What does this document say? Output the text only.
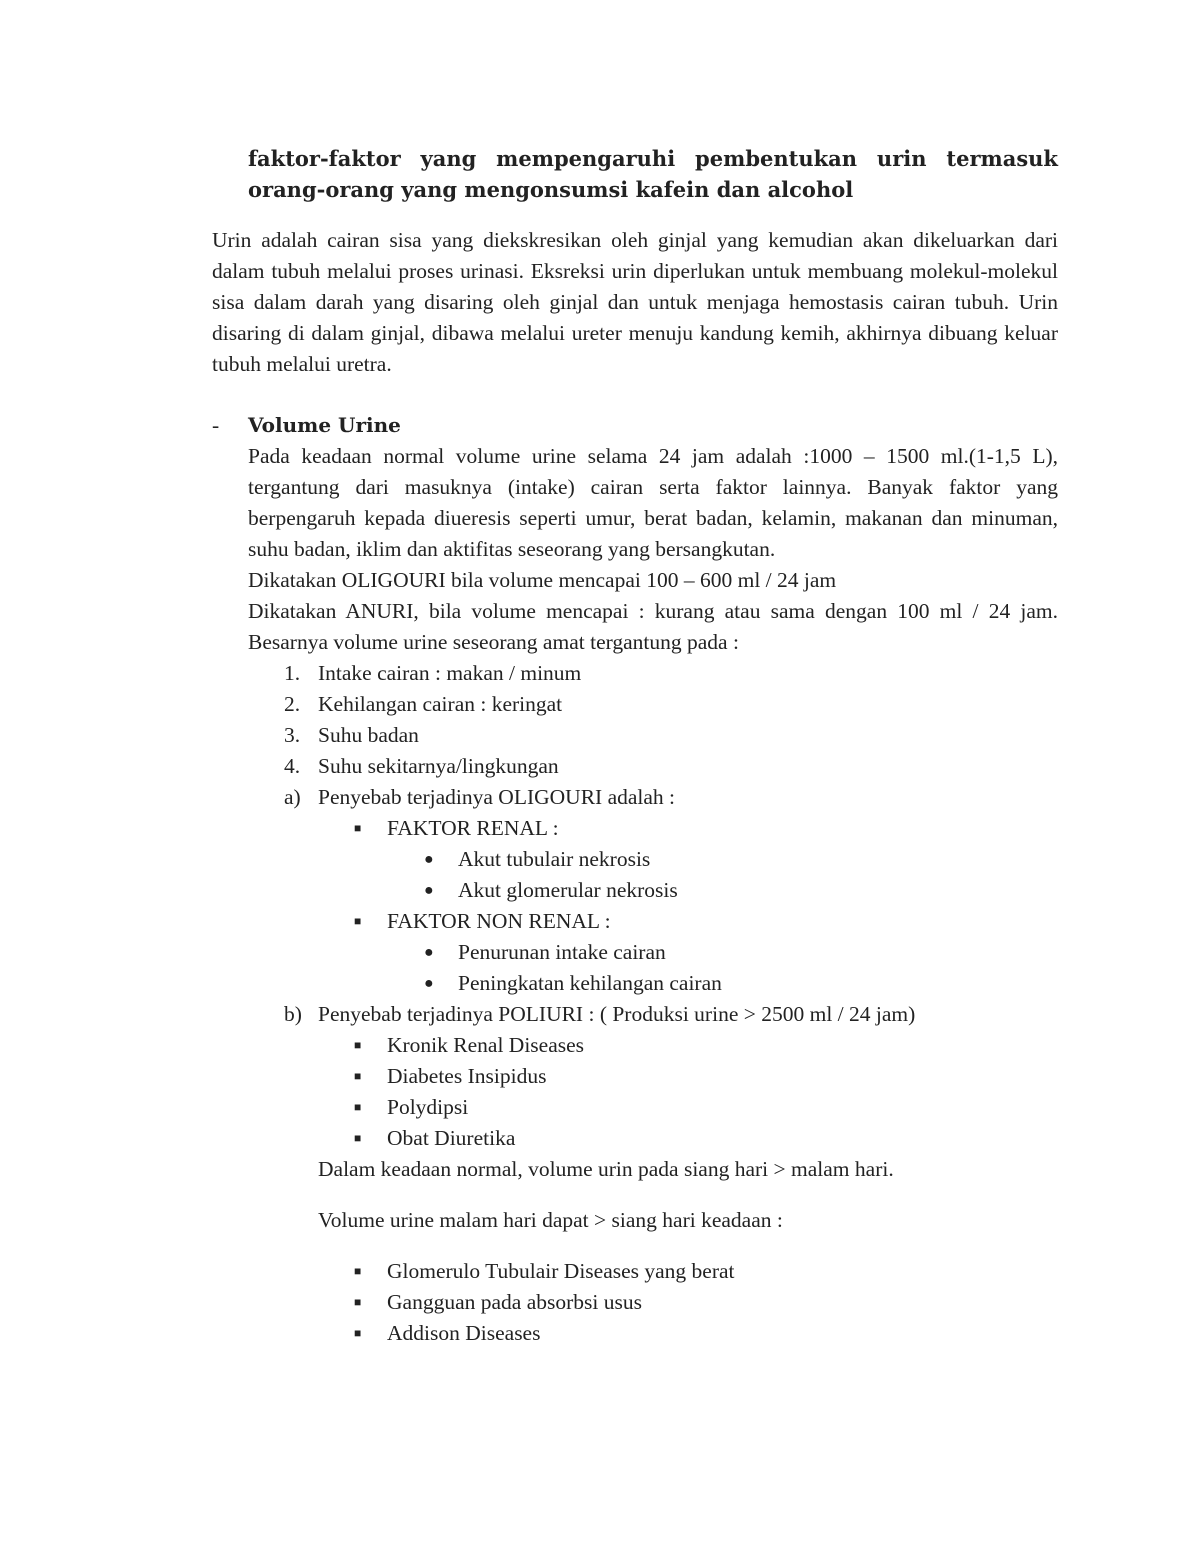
faktor-faktor yang mempengaruhi pembentukan urin termasuk orang-orang yang mengonsumsi kafein dan alcohol

Urin adalah cairan sisa yang diekskresikan oleh ginjal yang kemudian akan dikeluarkan dari dalam tubuh melalui proses urinasi. Eksreksi urin diperlukan untuk membuang molekul-molekul sisa dalam darah yang disaring oleh ginjal dan untuk menjaga hemostasis cairan tubuh. Urin disaring di dalam ginjal, dibawa melalui ureter menuju kandung kemih, akhirnya dibuang keluar tubuh melalui uretra.

-	Volume Urine

Pada keadaan normal volume urine selama 24 jam adalah :1000 – 1500 ml.(1-1,5 L), tergantung dari masuknya (intake) cairan serta faktor lainnya. Banyak faktor yang berpengaruh kepada diueresis seperti umur, berat badan, kelamin, makanan dan minuman, suhu badan, iklim dan aktifitas seseorang yang bersangkutan.

Dikatakan OLIGOURI bila volume mencapai 100 – 600 ml / 24 jam

Dikatakan ANURI, bila volume mencapai : kurang atau sama dengan 100 ml / 24 jam. Besarnya volume urine seseorang amat tergantung pada :

1. Intake cairan : makan / minum
2. Kehilangan cairan : keringat
3. Suhu badan
4. Suhu sekitarnya/lingkungan
a) Penyebab terjadinya OLIGOURI adalah :
■	FAKTOR RENAL :
●	Akut tubulair nekrosis
●	Akut glomerular nekrosis
■	FAKTOR NON RENAL :
●	Penurunan intake cairan
●	Peningkatan kehilangan cairan
b) Penyebab terjadinya POLIURI : ( Produksi urine > 2500 ml / 24 jam)
■	Kronik Renal Diseases
■	Diabetes Insipidus
■	Polydipsi
■	Obat Diuretika

Dalam keadaan normal, volume urin pada siang hari > malam hari.

Volume urine malam hari dapat > siang hari keadaan :

■	Glomerulo Tubulair Diseases yang berat
■	Gangguan pada absorbsi usus
■	Addison Diseases
